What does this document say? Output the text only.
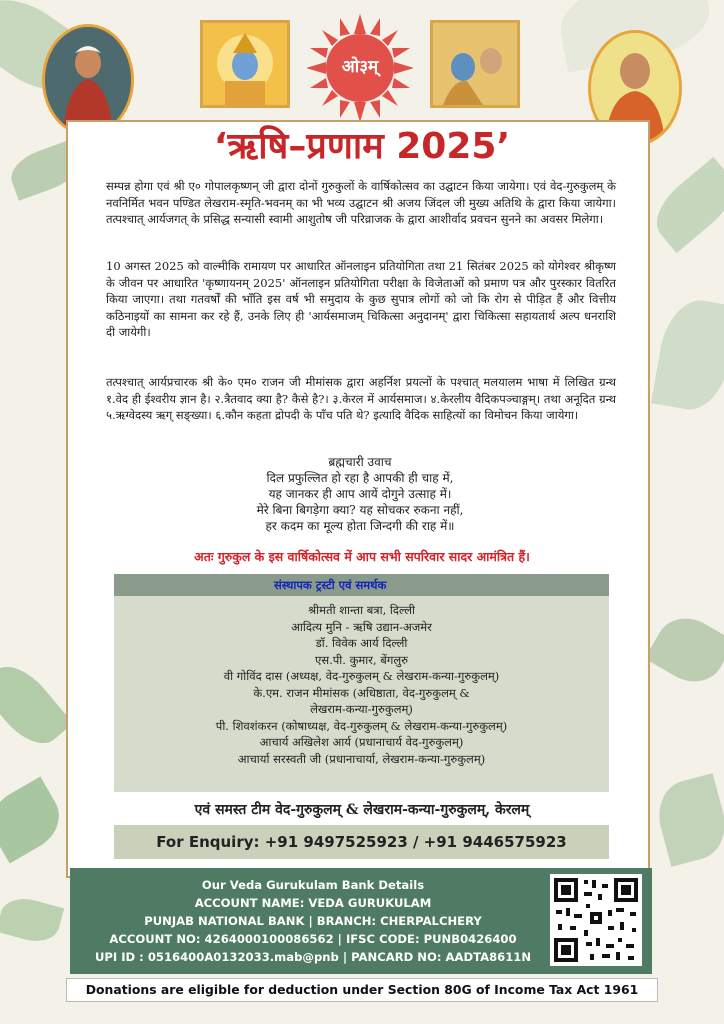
ओ३म्
‘ऋषि–प्रणाम 2025’

सम्पन्न होगा एवं श्री ए० गोपालकृष्णन् जी द्वारा दोनों गुरुकुलों के वार्षिकोत्सव का उद्घाटन किया जायेगा। एवं वेद-गुरुकुलम् के नवनिर्मित भवन पण्डित लेखराम-स्मृति-भवनम् का भी भव्य उद्घाटन श्री अजय जिंदल जी मुख्य अतिथि के द्वारा किया जायेगा। तत्पश्चात् आर्यजगत् के प्रसिद्ध सन्यासी स्वामी आशुतोष जी परिव्राजक के द्वारा आशीर्वाद प्रवचन सुनने का अवसर मिलेगा।

10 अगस्त 2025 को वाल्मीकि रामायण पर आधारित ऑनलाइन प्रतियोगिता तथा 21 सितंबर 2025 को योगेश्वर श्रीकृष्ण के जीवन पर आधारित 'कृष्णायनम् 2025' ऑनलाइन प्रतियोगिता परीक्षा के विजेताओं को प्रमाण पत्र और पुरस्कार वितरित किया जाएगा। तथा गतवर्षों की भाँति इस वर्ष भी समुदाय के कुछ सुपात्र लोगों को जो कि रोग से पीड़ित हैं और वित्तीय कठिनाइयों का सामना कर रहे हैं, उनके लिए ही 'आर्यसमाजम् चिकित्सा अनुदानम्' द्वारा चिकित्सा सहायतार्थ अल्प धनराशि दी जायेगी।

तत्पश्चात् आर्यप्रचारक श्री के० एम० राजन जी मीमांसक द्वारा अहर्निश प्रयत्नों के पश्चात् मलयालम भाषा में लिखित ग्रन्थ १.वेद ही ईश्वरीय ज्ञान है। २.त्रैतवाद क्या है? कैसे है?। ३.केरल में आर्यसमाज। ४.केरलीय वैदिकपञ्चाङ्गम्। तथा अनूदित ग्रन्थ ५.ऋग्वेदस्य ऋग् सङ्ख्या। ६.कौन कहता द्रोपदी के पाँच पति थे? इत्यादि वैदिक साहित्यों का विमोचन किया जायेगा।

ब्रह्मचारी उवाच
दिल प्रफुल्लित हो रहा है आपकी ही चाह में,
यह जानकर ही आप आयें दोगुने उत्साह में।
मेरे बिना बिगड़ेगा क्या? यह सोचकर रुकना नहीं,
हर कदम का मूल्य होता जिन्दगी की राह में॥
अतः गुरुकुल के इस वार्षिकोत्सव में आप सभी सपरिवार सादर आमंत्रित हैं।
संस्थापक ट्रस्टी एवं समर्थक
श्रीमती शान्ता बत्रा, दिल्ली
आदित्य मुनि - ऋषि उद्यान-अजमेर
डॉ. विवेक आर्य दिल्ली
एस.पी. कुमार, बेंगलुरु
वी गोविंद दास (अध्यक्ष, वेद-गुरुकुलम् & लेखराम-कन्या-गुरुकुलम्)
के.एम. राजन मीमांसक (अधिष्ठाता, वेद-गुरुकुलम् &
लेखराम-कन्या-गुरुकुलम्)
पी. शिवशंकरन (कोषाध्यक्ष, वेद-गुरुकुलम् & लेखराम-कन्या-गुरुकुलम्)
आचार्य अखिलेश आर्य (प्रधानाचार्य वेद-गुरुकुलम्)
आचार्या सरस्वती जी (प्रधानाचार्या, लेखराम-कन्या-गुरुकुलम्)
एवं समस्त टीम वेद-गुरुकुलम् & लेखराम-कन्या-गुरुकुलम्, केरलम्
For Enquiry: +91 9497525923 / +91 9446575923
Our Veda Gurukulam Bank Details
ACCOUNT NAME: VEDA GURUKULAM
PUNJAB NATIONAL BANK | BRANCH: CHERPALCHERY
ACCOUNT NO: 4264000100086562 | IFSC CODE: PUNB0426400
UPI ID : 0516400A0132033.mab@pnb | PANCARD NO: AADTA8611N
Donations are eligible for deduction under Section 80G of Income Tax Act 1961
